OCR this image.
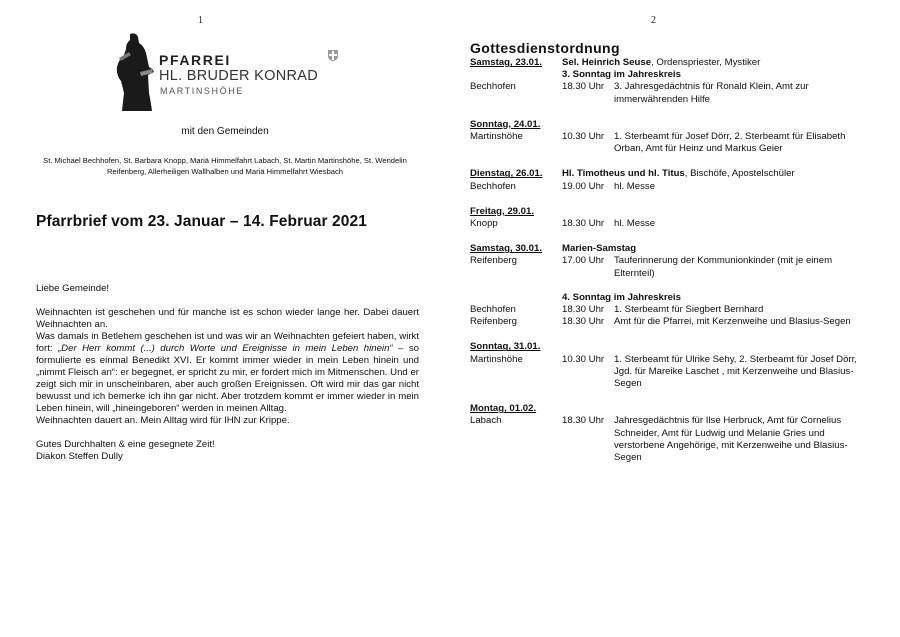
1
PFARREI
HL. BRUDER KONRAD
MARTINSHÖHE
mit den Gemeinden
St. Michael Bechhofen, St. Barbara Knopp, Mariä Himmelfahrt Labach, St. Martin Martinshöhe, St. Wendelin Reifenberg, Allerheiligen Wallhalben und Mariä Himmelfahrt Wiesbach
Pfarrbrief vom 23. Januar – 14. Februar 2021

Liebe Gemeinde!

Weihnachten ist geschehen und für manche ist es schon wieder lange her. Dabei dauert Weihnachten an.

Was damals in Betlehem geschehen ist und was wir an Weihnachten gefeiert haben, wirkt fort: „Der Herr kommt (...) durch Worte und Ereignisse in mein Leben hinein“ – so formulierte es einmal Benedikt XVI. Er kommt immer wieder in mein Leben hinein und „nimmt Fleisch an“: er begegnet, er spricht zu mir, er fordert mich im Mitmenschen. Und er zeigt sich mir in unscheinbaren, aber auch großen Ereignissen. Oft wird mir das gar nicht bewusst und ich bemerke ich ihn gar nicht. Aber trotzdem kommt er immer wieder in mein Leben hinein, will „hineingeboren“ werden in meinen Alltag.

Weihnachten dauert an. Mein Alltag wird für IHN zur Krippe.

Gutes Durchhalten & eine gesegnete Zeit!

Diakon Steffen Dully

2
Gottesdienstordnung
Samstag, 23.01.	Sel. Heinrich Seuse, Ordenspriester, Mystiker
3. Sonntag im Jahreskreis
Bechhofen	18.30 Uhr	3. Jahresgedächtnis für Ronald Klein, Amt zur immerwährenden Hilfe
Sonntag, 24.01.
Martinshöhe	10.30 Uhr	1. Sterbeamt für Josef Dörr, 2. Sterbeamt für Elisabeth Orban, Amt für Heinz und Markus Geier
Dienstag, 26.01.	Hl. Timotheus und hl. Titus, Bischöfe, Apostelschüler
Bechhofen	19.00 Uhr	hl. Messe
Freitag, 29.01.
Knopp	18.30 Uhr	hl. Messe
Samstag, 30.01.	Marien-Samstag
Reifenberg	17.00 Uhr	Tauferinnerung der Kommunionkinder (mit je einem Elternteil)
4. Sonntag im Jahreskreis
Bechhofen	18.30 Uhr	1. Sterbeamt für Siegbert Bernhard
Reifenberg	18.30 Uhr	Amt für die Pfarrei, mit Kerzenweihe und Blasius-Segen
Sonntag, 31.01.
Martinshöhe	10.30 Uhr	1. Sterbeamt für Ulrike Sehy, 2. Sterbeamt für Josef Dörr, Jgd. für Mareike Laschet , mit Kerzenweihe und Blasius-Segen
Montag, 01.02.
Labach	18.30 Uhr	Jahresgedächtnis für Ilse Herbruck, Amt für Cornelius Schneider, Amt für Ludwig und Melanie Gries und verstorbene Angehörige, mit Kerzenweihe und Blasius-Segen
